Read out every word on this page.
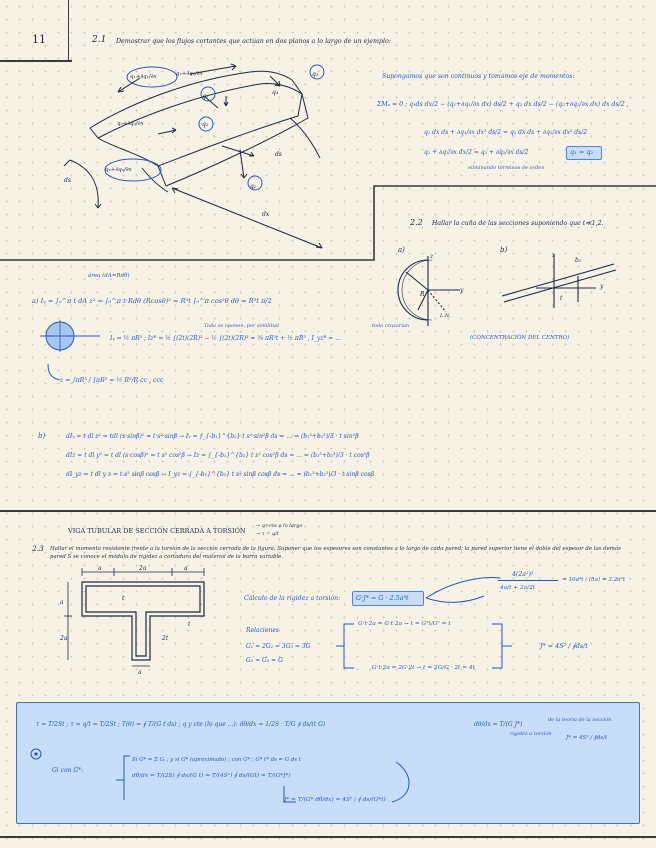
11	2.1 Demostrar que los flujos cortantes que actúan en dos planos a lo largo de un ejemplo:
q₁+∂q₁/∂x	q₂+∂q₂/∂x	q₃
q₄
q₁
q₃+∂q₃/∂x	q₂
q₄+∂q₄/∂x
q₂
ds
ds
dx
Supongamos que son continuos y tomamos eje de momentos:
ΣMₐ = 0 ; q₁ds dx/2 − (q₁+∂q₁/∂x dx) ds/2 + q₂ dx ds/2 − (q₂+∂q₂/∂x dx) dx ds/2 ,
q₁ dx ds + ∂q₁/∂x dx² ds/2 = q₂ dx ds + ∂q₂/∂x dx² ds/2
q₁ + ∂q₁/∂x dx/2 = q₂ + ∂q₂/∂x ds/2	q₁ = q₂
eliminando términos de orden
2.2 Hallar la cuña de las secciones suponiendo que t≪1,2.
a)	b)
R
z
y
L.N.
b₁
z
y
t
área (dA=Rdθ)
a) Iᵧ = ∫₀^π t dA z² = ∫₀^π t·Rdθ (Rcosθ)² = R³t ∫₀^π cos²θ dθ = R³t π/2
Iᵧ = ½ πR³ ; Iz* = ½ ∫(2t)(2R)³ − ½ ∫(2t)(2R)³ = ⅝ πR³t + ½ πR³ , I_yz* = ...
Todo se oponen, por similitud	todo cruzarían
(CONCENTRACIÓN DEL CENTRO)
z = ∫πR³ / ∫πR² = ½ R²/R cc , ccc
b)	dIᵧ = t dl z² = tdl (s·sinβ)² = t·s²·sinβ → Iᵧ = ∫_{-b₁}^{b₂} t s² sin²β ds = ... = (b₁³+b₂³)/3 · t sin²β
dIz = t dl y² = t dl (s·cosβ)² = t s² cos²β → Iz = ∫_{-b₁}^{b₂} t s² cos²β ds = ... = (b₁³+b₂³)/3 · t cos²β
dI_yz = t dl y z = t s² sinβ cosβ → I_yz = ∫_{-b₁}^{b₂} t s² sinβ cosβ ds = ... = (b₁³+b₂³)/3 · t sinβ cosβ
VIGA TUBULAR DE SECCIÓN CERRADA A TORSIÓN
→ q=cte a lo largo
→ τ = q/t
2.3 Hallar el momento resistente frente a la torsión de la sección cerrada de la figura. Suponer que los espesores son constantes a lo largo de cada pared; la pared superior tiene el doble del espesor de las demás pared S se conoce el módulo de rigidez a cortadura del material de la barra variable.
a	2a	a
a
t
t
2a
a
2t
Cálculo de la rigidez a torsión: G·J* = G · 2.5a³t
Relaciones
G₁ = 2G₂ = 3G₃ = 3G
G₂ = G₃ = G
G·t·2a = G·t·2a → t = G²t/G² = t
G·t·2a = 2G·2t → t = 2G/G · 2t = 4t
J* = 4S² / ∮ds/t
4(2a²)²
4a/t + 2a/2t
= 16a⁴t / (5a) = 3.2a³t
τ = T/2St ; τ = q/t = T/2St ; T(θ) = ∮ T/(G t ds) ; q y cte (lo que ...): dθ/dx = 1/2S · T/G ∮ ds/(t G)	dθ/dx = T/(G J*)
de la teoría de la sección
rigidez a torsión
J* = 4S² / ∮ds/t
Gi con G*:
Si G* = Σ Gᵢ ; y si G* (aproximado) ; con G* : G* t* ds = G ds t
dθ/dx = T/(2S) ∮ ds/(G t) = T/(4S²) ∮ ds/(Gt) = T/(G*J*)
J* = T/(G* dθ/dx) = 4S² / ∮ ds/(G*t)
